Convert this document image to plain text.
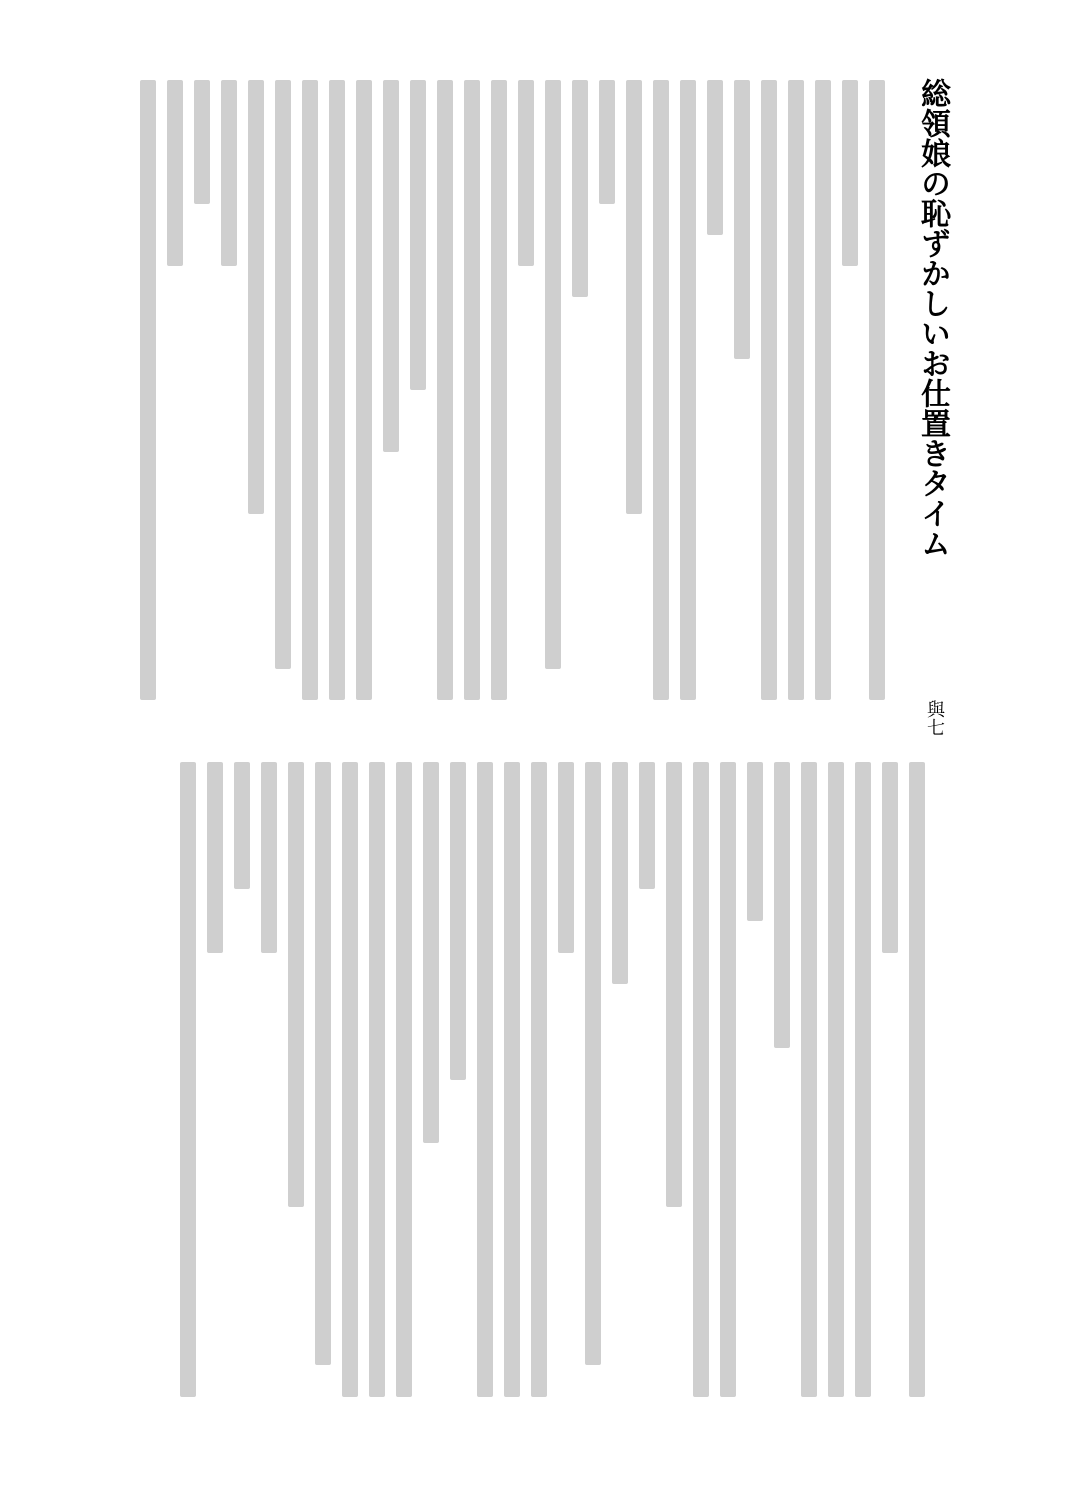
総領娘の恥ずかしいお仕置きタイム
與七
